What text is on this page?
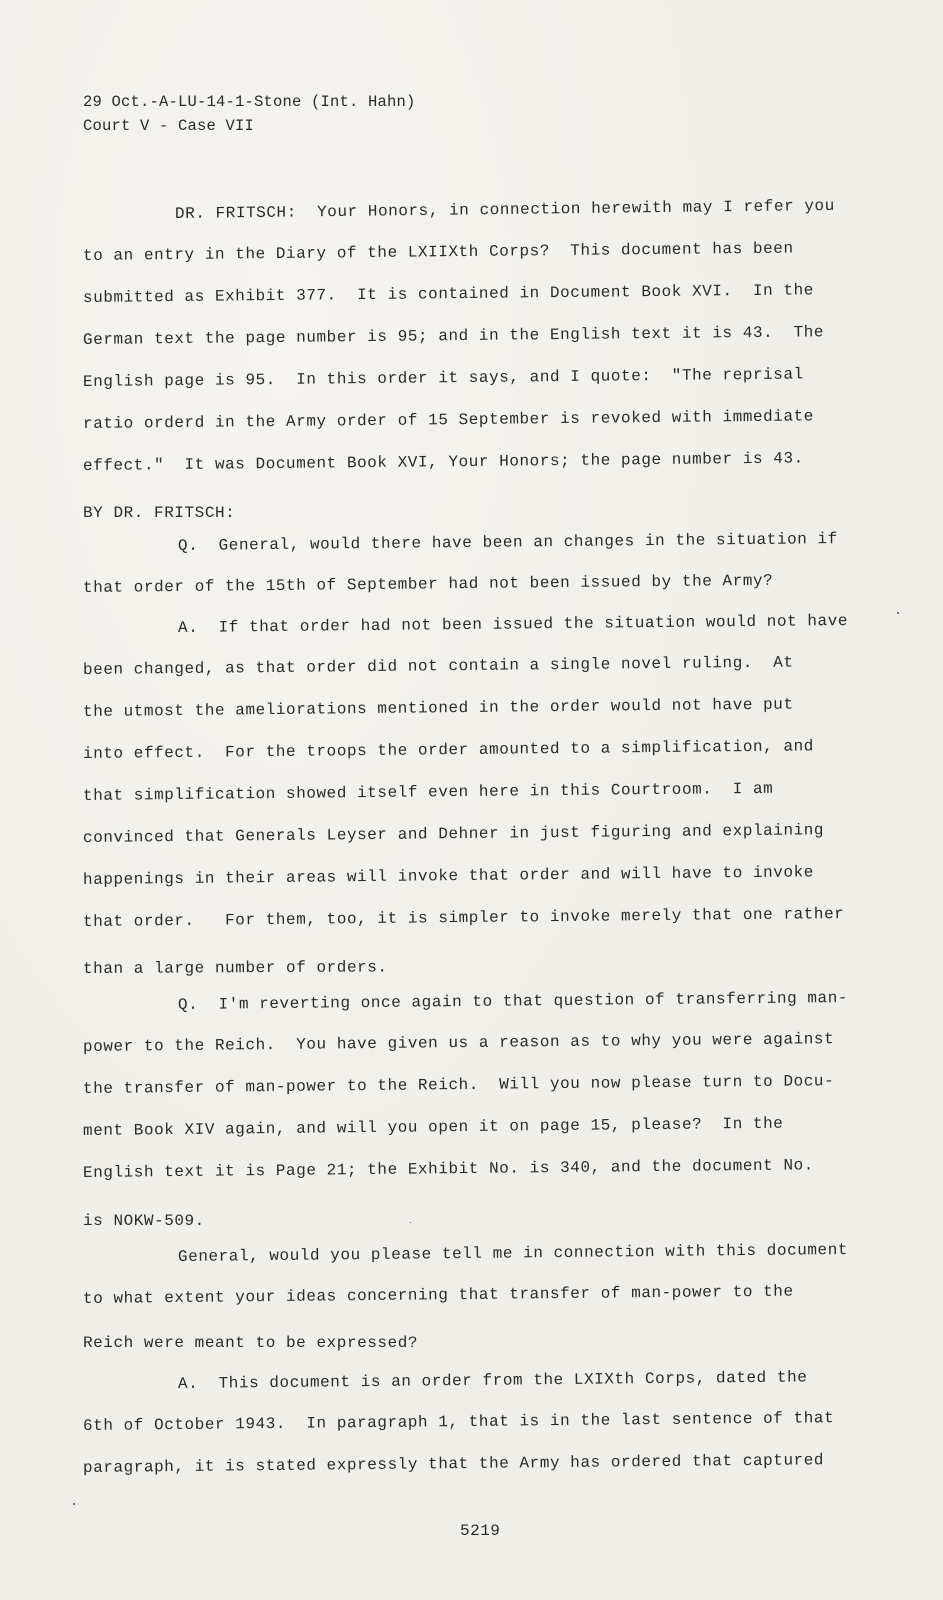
29 Oct.-A-LU-14-1-Stone (Int. Hahn)
Court V - Case VII
DR. FRITSCH:  Your Honors, in connection herewith may I refer you
to an entry in the Diary of the LXIIXth Corps?  This document has been
submitted as Exhibit 377.  It is contained in Document Book XVI.  In the
German text the page number is 95; and in the English text it is 43.  The
English page is 95.  In this order it says, and I quote:  "The reprisal
ratio orderd in the Army order of 15 September is revoked with immediate
effect."  It was Document Book XVI, Your Honors; the page number is 43.
BY DR. FRITSCH:
Q.  General, would there have been an changes in the situation if
that order of the 15th of September had not been issued by the Army?
A.  If that order had not been issued the situation would not have
been changed, as that order did not contain a single novel ruling.  At
the utmost the ameliorations mentioned in the order would not have put
into effect.  For the troops the order amounted to a simplification, and
that simplification showed itself even here in this Courtroom.  I am
convinced that Generals Leyser and Dehner in just figuring and explaining
happenings in their areas will invoke that order and will have to invoke
that order.   For them, too, it is simpler to invoke merely that one rather
than a large number of orders.
Q.  I'm reverting once again to that question of transferring man-
power to the Reich.  You have given us a reason as to why you were against
the transfer of man-power to the Reich.  Will you now please turn to Docu-
ment Book XIV again, and will you open it on page 15, please?  In the
English text it is Page 21; the Exhibit No. is 340, and the document No.
is NOKW-509.
General, would you please tell me in connection with this document
to what extent your ideas concerning that transfer of man-power to the
Reich were meant to be expressed?
A.  This document is an order from the LXIXth Corps, dated the
6th of October 1943.  In paragraph 1, that is in the last sentence of that
paragraph, it is stated expressly that the Army has ordered that captured
5219
